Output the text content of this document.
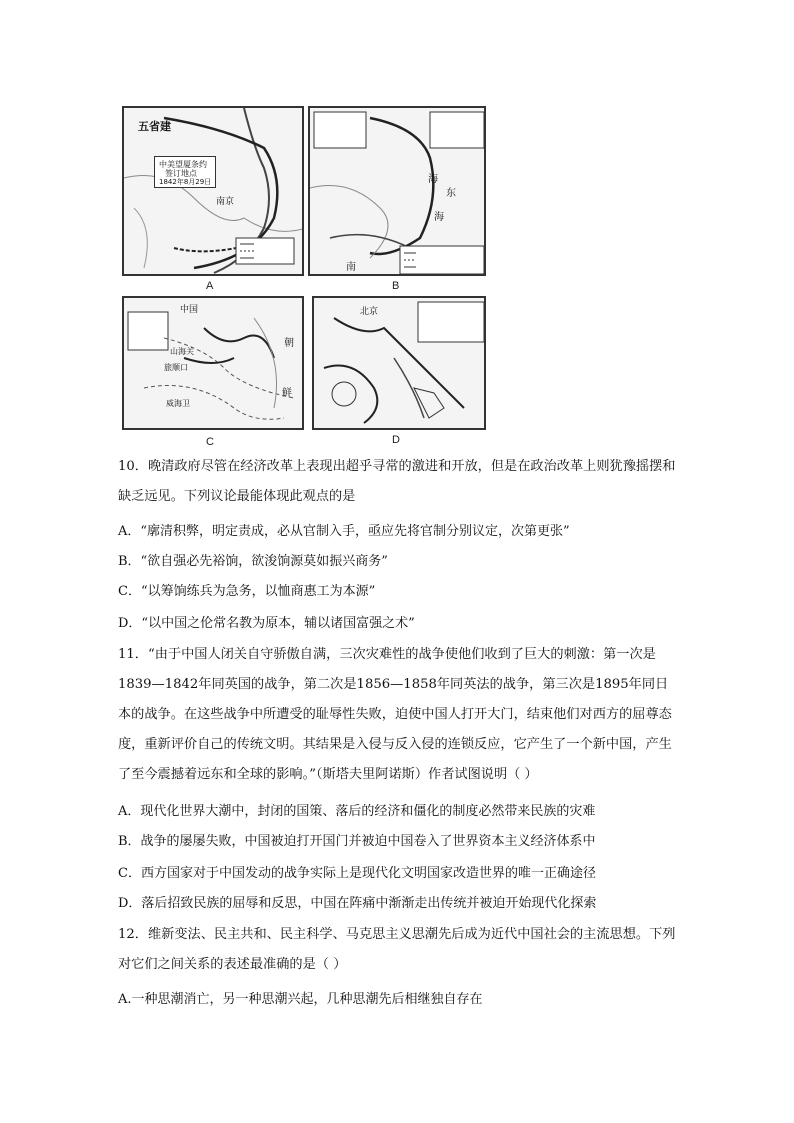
五省建
中美望厦条约
签订地点
1842年8月29日
南京
A
海
东
海
南
B
中国
朝
鲜
威海卫
旅顺口
山海关
C
北京
D
10．晚清政府尽管在经济改革上表现出超乎寻常的激进和开放，但是在政治改革上则犹豫摇摆和缺乏远见。下列议论最能体现此观点的是
A．“廓清积弊，明定责成，必从官制入手，亟应先将官制分别议定，次第更张”
B．“欲自强必先裕饷，欲浚饷源莫如振兴商务”
C．“以筹饷练兵为急务，以恤商惠工为本源”
D．“以中国之伦常名教为原本，辅以诸国富强之术”
11．“由于中国人闭关自守骄傲自满，三次灾难性的战争使他们收到了巨大的刺激：第一次是1839—1842年同英国的战争，第二次是1856—1858年同英法的战争，第三次是1895年同日本的战争。在这些战争中所遭受的耻辱性失败，迫使中国人打开大门，结束他们对西方的屈尊态度，重新评价自己的传统文明。其结果是入侵与反入侵的连锁反应，它产生了一个新中国，产生了至今震撼着远东和全球的影响。”（斯塔夫里阿诺斯）作者试图说明（ ）
A．现代化世界大潮中，封闭的国策、落后的经济和僵化的制度必然带来民族的灾难
B．战争的屡屡失败，中国被迫打开国门并被迫中国卷入了世界资本主义经济体系中
C．西方国家对于中国发动的战争实际上是现代化文明国家改造世界的唯一正确途径
D．落后招致民族的屈辱和反思，中国在阵痛中渐渐走出传统并被迫开始现代化探索
12．维新变法、民主共和、民主科学、马克思主义思潮先后成为近代中国社会的主流思想。下列对它们之间关系的表述最准确的是（ ）
A.一种思潮消亡，另一种思潮兴起，几种思潮先后相继独自存在
